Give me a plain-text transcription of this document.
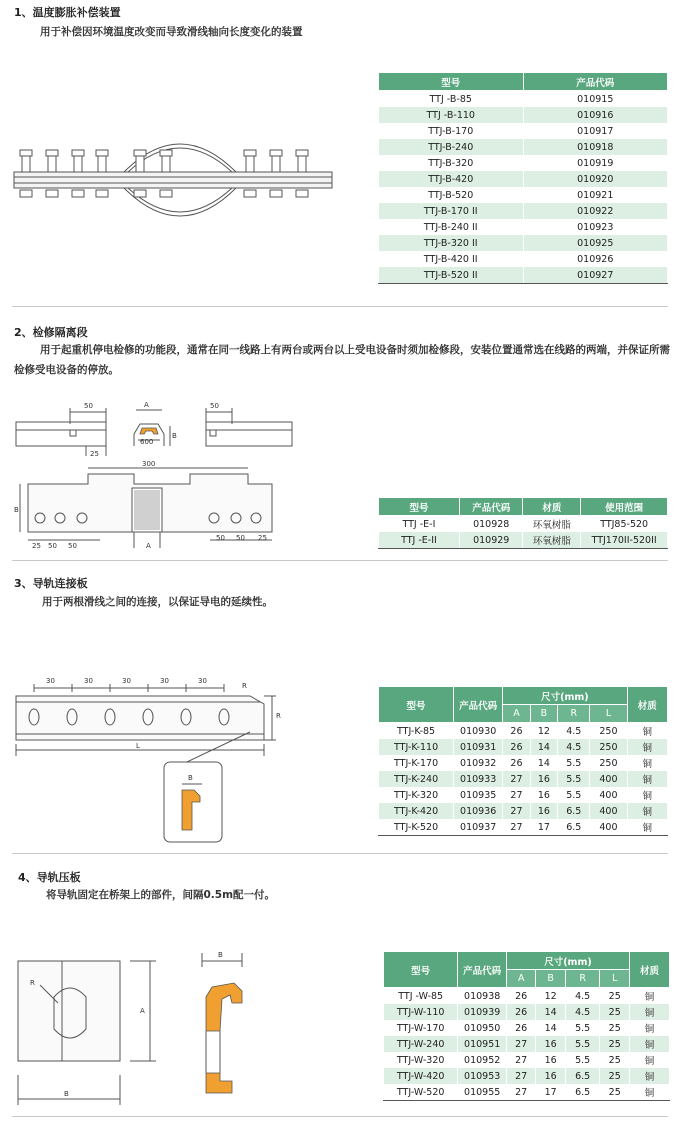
1、温度膨胀补偿装置
用于补偿因环境温度改变而导致滑线轴向长度变化的装置
型号	产品代码
TTJ -B-85	010915
TTJ -B-110	010916
TTJ-B-170	010917
TTJ-B-240	010918
TTJ-B-320	010919
TTJ-B-420	010920
TTJ-B-520	010921
TTJ-B-170 II	010922
TTJ-B-240 II	010923
TTJ-B-320 II	010925
TTJ-B-420 II	010926
TTJ-B-520 II	010927
2、检修隔离段
用于起重机停电检修的功能段，通常在同一线路上有两台或两台以上受电设备时须加检修段，安装位置通常选在线路的两端，并保证所需检修受电设备的停放。
50
25
A
B
600
50
300
B
A
25 50 50
50 50 25
型号	产品代码	材质	使用范围
TTJ -E-I	010928	环氧树脂	TTJ85-520
TTJ -E-II	010929	环氧树脂	TTJ170II-520II
3、导轨连接板
用于两根滑线之间的连接，以保证导电的延续性。
30	30	30	30	30
R
R
L
B
型号	产品代码	尺寸(mm)				材质
		A	B	R	L	
TTJ-K-85	010930	26	12	4.5	250	铜
TTJ-K-110	010931	26	14	4.5	250	铜
TTJ-K-170	010932	26	14	5.5	250	铜
TTJ-K-240	010933	27	16	5.5	400	铜
TTJ-K-320	010935	27	16	5.5	400	铜
TTJ-K-420	010936	27	16	6.5	400	铜
TTJ-K-520	010937	27	17	6.5	400	铜
4、导轨压板
将导轨固定在桥架上的部件，间隔0.5m配一付。
R
A
B
B
型号	产品代码	尺寸(mm)				材质
		A	B	R	L	
TTJ -W-85	010938	26	12	4.5	25	铜
TTJ-W-110	010939	26	14	4.5	25	铜
TTJ-W-170	010950	26	14	5.5	25	铜
TTJ-W-240	010951	27	16	5.5	25	铜
TTJ-W-320	010952	27	16	5.5	25	铜
TTJ-W-420	010953	27	16	6.5	25	铜
TTJ-W-520	010955	27	17	6.5	25	铜
